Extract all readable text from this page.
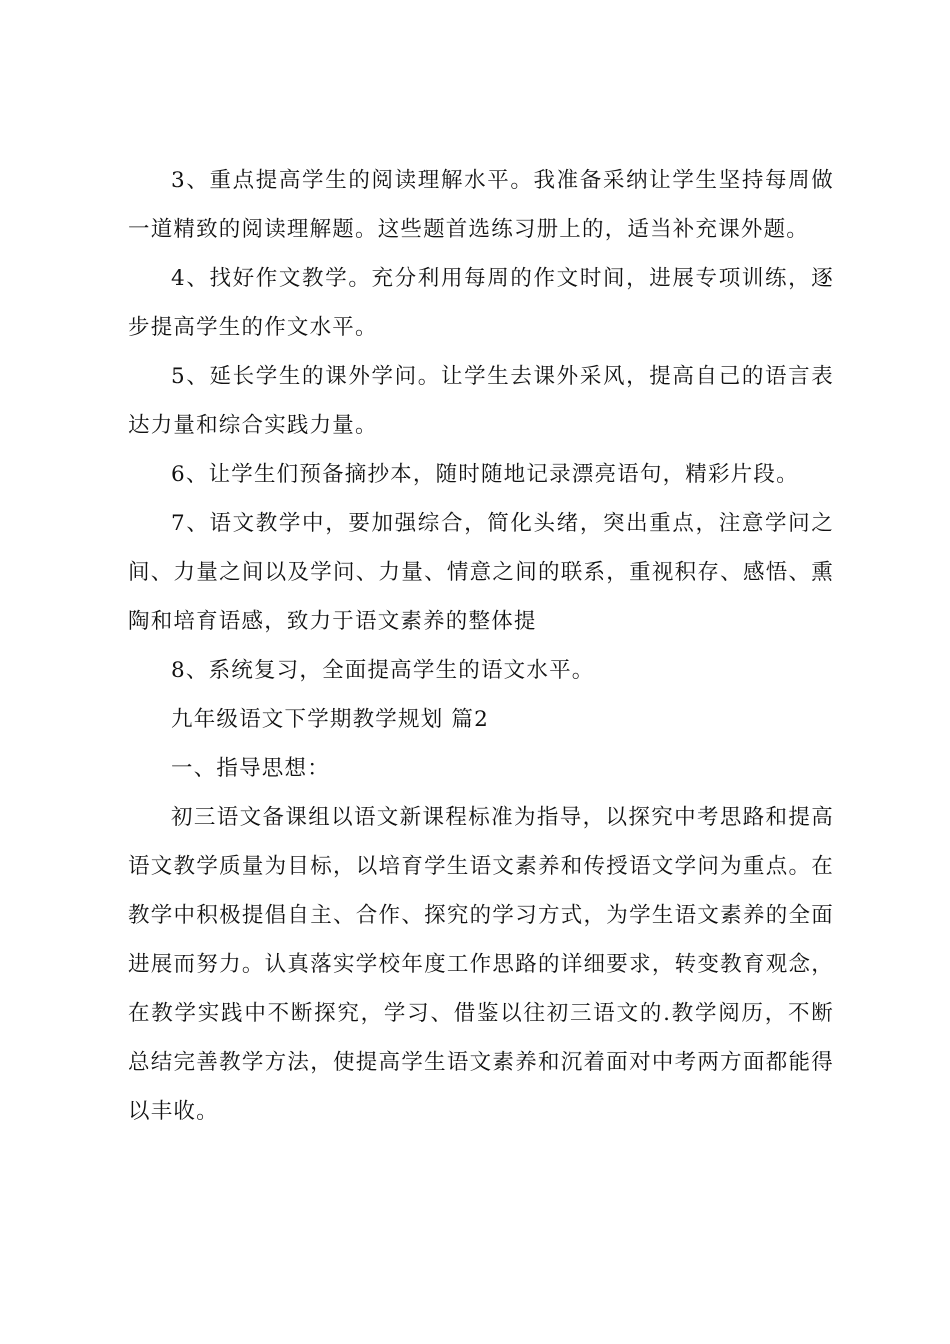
3、重点提高学生的阅读理解水平。我准备采纳让学生坚持每周做一道精致的阅读理解题。这些题首选练习册上的，适当补充课外题。

4、找好作文教学。充分利用每周的作文时间，进展专项训练，逐步提高学生的作文水平。

5、延长学生的课外学问。让学生去课外采风，提高自己的语言表达力量和综合实践力量。

6、让学生们预备摘抄本，随时随地记录漂亮语句，精彩片段。

7、语文教学中，要加强综合，简化头绪，突出重点，注意学问之间、力量之间以及学问、力量、情意之间的联系，重视积存、感悟、熏陶和培育语感，致力于语文素养的整体提

8、系统复习，全面提高学生的语文水平。

九年级语文下学期教学规划 篇2

一、指导思想：

初三语文备课组以语文新课程标准为指导，以探究中考思路和提高语文教学质量为目标，以培育学生语文素养和传授语文学问为重点。在教学中积极提倡自主、合作、探究的学习方式，为学生语文素养的全面进展而努力。认真落实学校年度工作思路的详细要求，转变教育观念，在教学实践中不断探究，学习、借鉴以往初三语文的.教学阅历，不断总结完善教学方法，使提高学生语文素养和沉着面对中考两方面都能得以丰收。
